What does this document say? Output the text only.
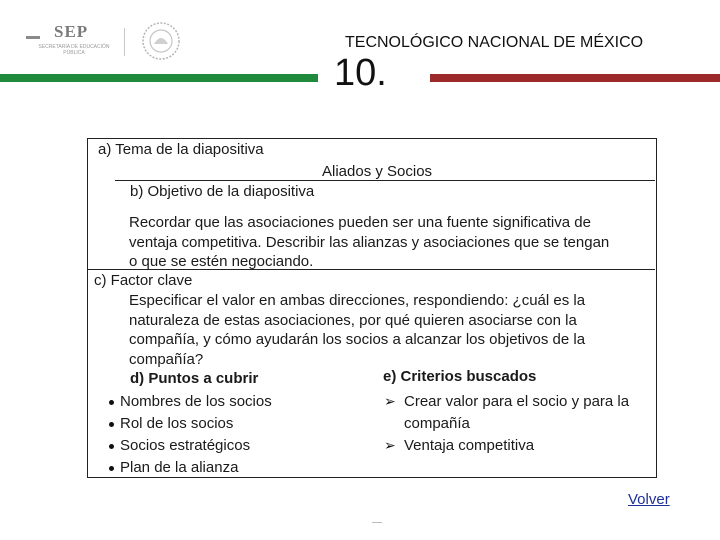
SEP
SECRETARÍA DE EDUCACIÓN PÚBLICA
TECNOLÓGICO NACIONAL DE MÉXICO
10.
a) Tema de la diapositiva
Aliados y Socios
b) Objetivo de la diapositiva
Recordar que las asociaciones pueden ser una fuente significativa de
ventaja competitiva. Describir las alianzas y asociaciones que se tengan
o que se estén negociando.
c) Factor clave
Especificar el valor en ambas direcciones, respondiendo: ¿cuál es la
naturaleza de estas asociaciones, por qué quieren asociarse con la
compañía, y cómo ayudarán los socios a alcanzar los objetivos de la
compañía?
e) Criterios buscados
d) Puntos a cubrir
Nombres de los socios
Rol de los socios
Socios estratégicos
Plan de la alianza
➢ Crear valor para el socio y para la
compañía
➢ Ventaja competitiva
Volver
